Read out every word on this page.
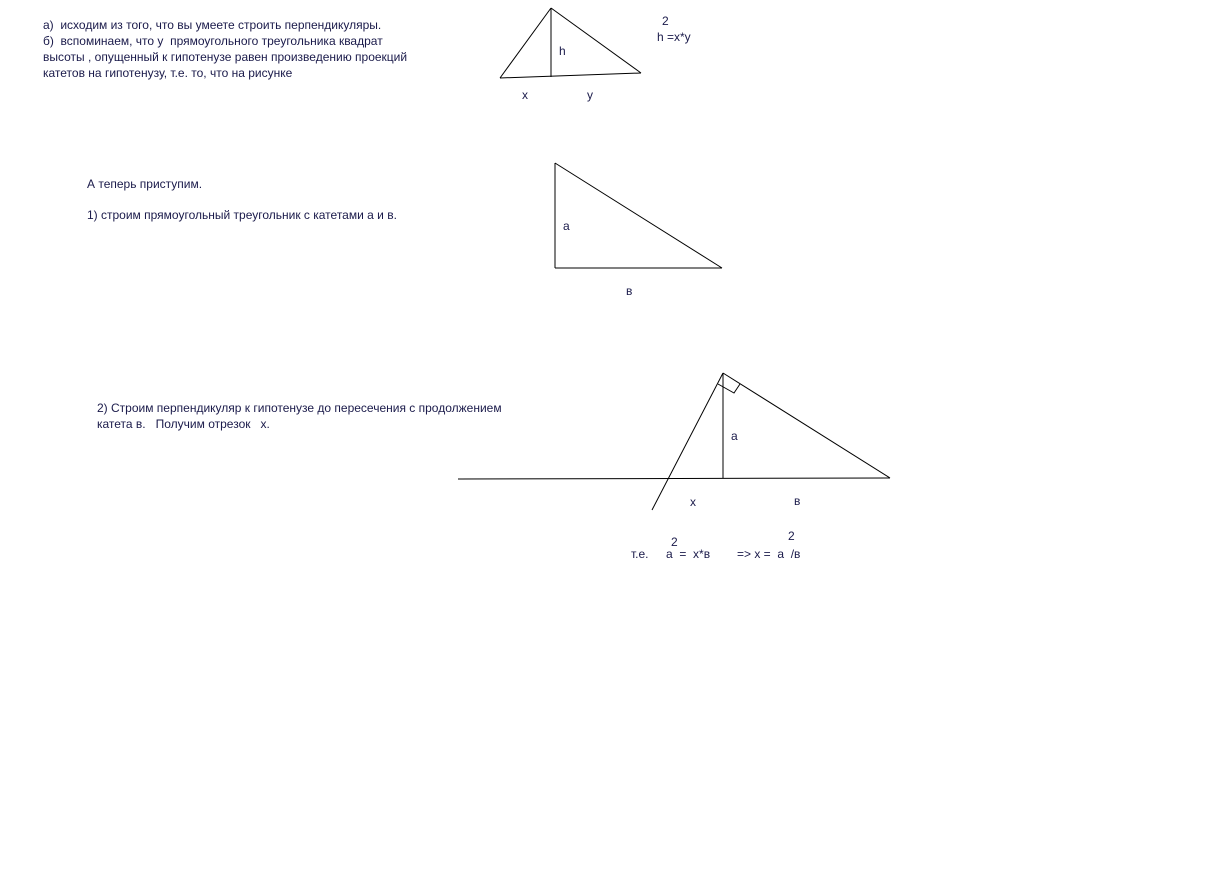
а)  исходим из того, что вы умеете строить перпендикуляры.
б)  вспоминаем, что у  прямоугольного треугольника квадрат
высоты , опущенный к гипотенузе равен произведению проекций
катетов на гипотенузу, т.е. то, что на рисунке
А теперь приступим.
1) строим прямоугольный треугольник с катетами а и в.
2) Строим перпендикуляр к гипотенузе до пересечения с продолжением
катета в.   Получим отрезок   x.
h
x	y
2
h =x*y
а
в
а
x	в
т.е.
2
а  =  x*в => x =  а  /в
2
